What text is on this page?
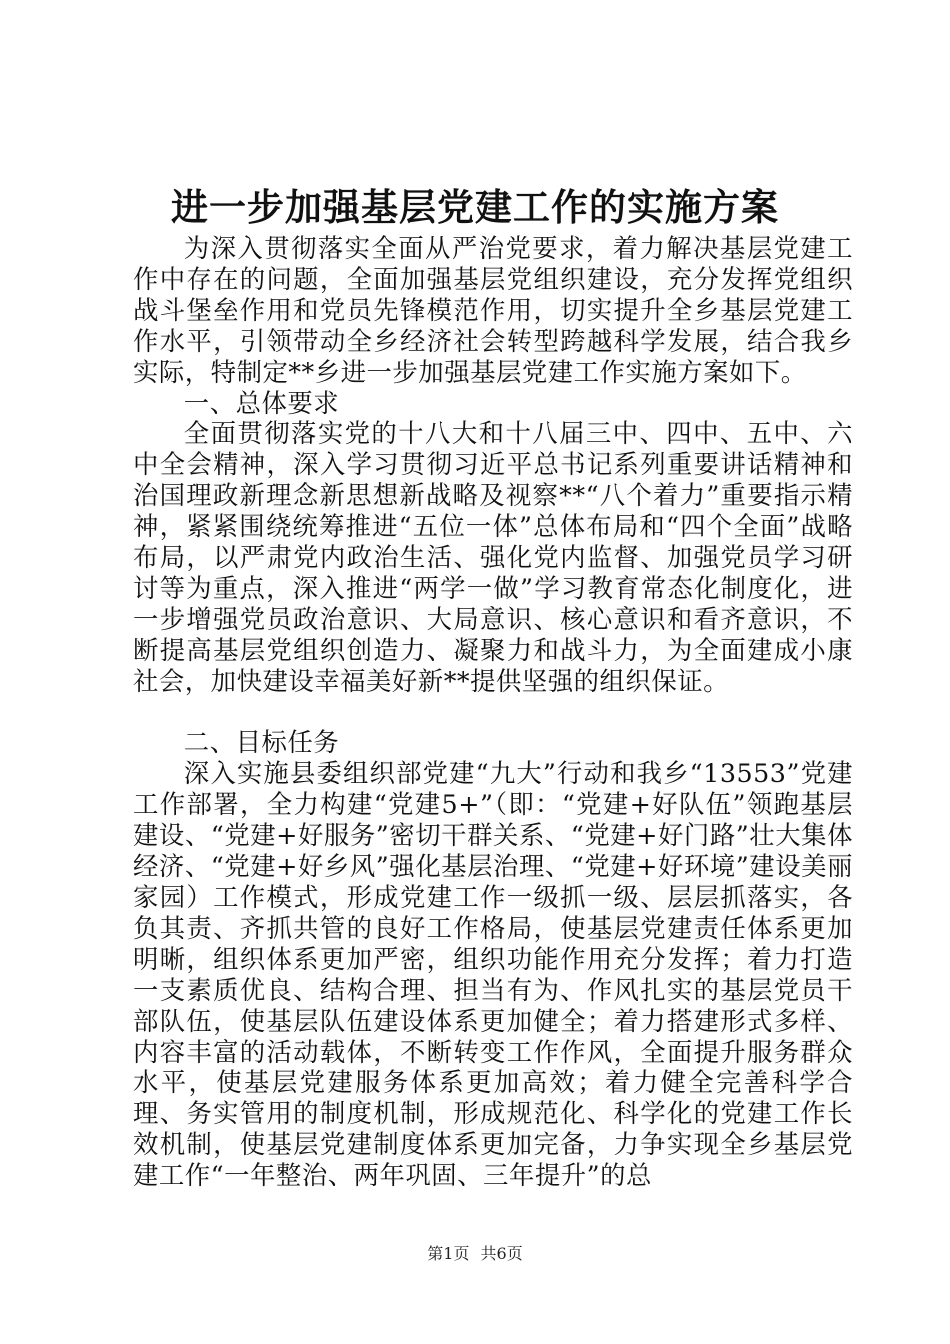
进一步加强基层党建工作的实施方案

为深入贯彻落实全面从严治党要求，着力解决基层党建工作中存在的问题，全面加强基层党组织建设，充分发挥党组织战斗堡垒作用和党员先锋模范作用，切实提升全乡基层党建工作水平，引领带动全乡经济社会转型跨越科学发展，结合我乡实际，特制定**乡进一步加强基层党建工作实施方案如下。

一、总体要求

全面贯彻落实党的十八大和十八届三中、四中、五中、六中全会精神，深入学习贯彻习近平总书记系列重要讲话精神和治国理政新理念新思想新战略及视察**“八个着力”重要指示精神，紧紧围绕统筹推进“五位一体”总体布局和“四个全面”战略布局，以严肃党内政治生活、强化党内监督、加强党员学习研讨等为重点，深入推进“两学一做”学习教育常态化制度化，进一步增强党员政治意识、大局意识、核心意识和看齐意识，不断提高基层党组织创造力、凝聚力和战斗力，为全面建成小康社会，加快建设幸福美好新**提供坚强的组织保证。

二、目标任务

深入实施县委组织部党建“九大”行动和我乡“13553”党建工作部署，全力构建“党建5+”（即：“党建+好队伍”领跑基层建设、“党建+好服务”密切干群关系、“党建+好门路”壮大集体经济、“党建+好乡风”强化基层治理、“党建+好环境”建设美丽家园）工作模式，形成党建工作一级抓一级、层层抓落实，各负其责、齐抓共管的良好工作格局，使基层党建责任体系更加明晰，组织体系更加严密，组织功能作用充分发挥；着力打造一支素质优良、结构合理、担当有为、作风扎实的基层党员干部队伍，使基层队伍建设体系更加健全；着力搭建形式多样、内容丰富的活动载体，不断转变工作作风，全面提升服务群众水平，使基层党建服务体系更加高效；着力健全完善科学合理、务实管用的制度机制，形成规范化、科学化的党建工作长效机制，使基层党建制度体系更加完备，力争实现全乡基层党建工作“一年整治、两年巩固、三年提升”的总

第1页 共6页
